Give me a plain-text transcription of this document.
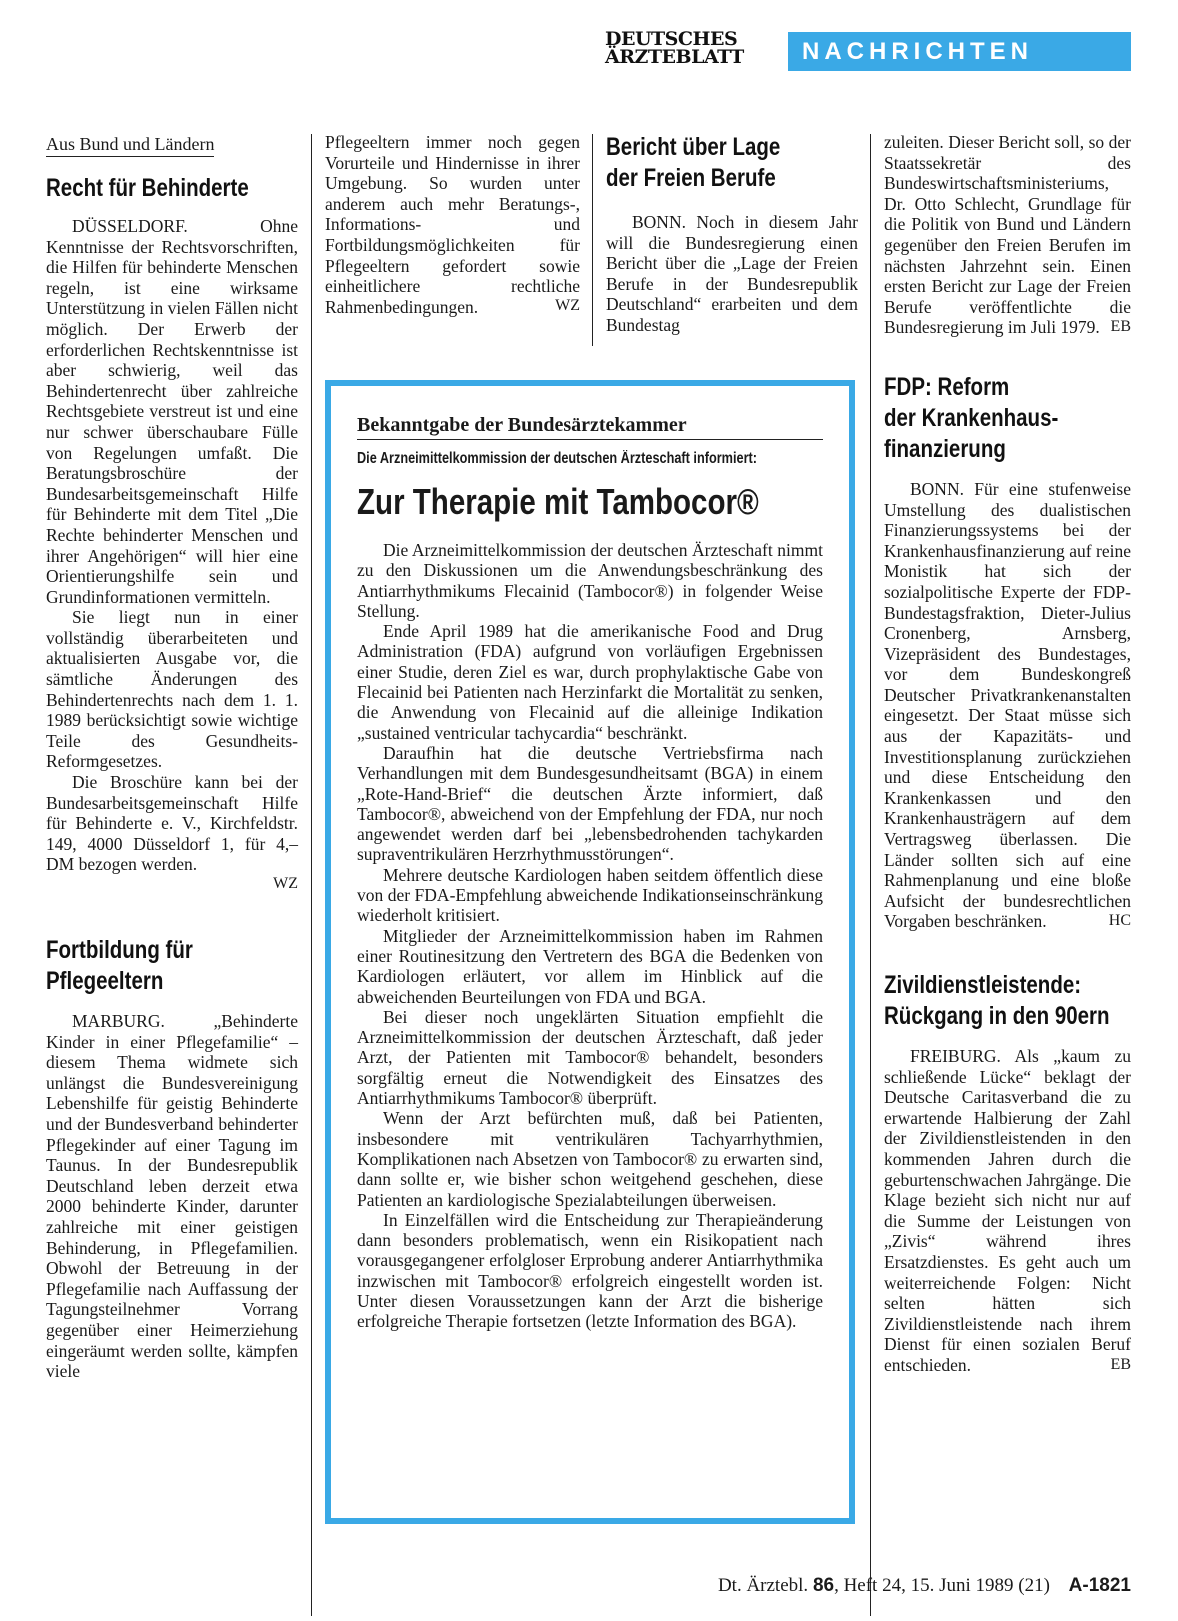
DEUTSCHES
ÄRZTEBLATT	NACHRICHTEN
Aus Bund und Ländern
Recht für Behinderte

DÜSSELDORF. Ohne Kenntnisse der Rechtsvorschriften, die Hilfen für behinderte Menschen regeln, ist eine wirksame Unterstützung in vielen Fällen nicht möglich. Der Erwerb der erforderlichen Rechtskenntnisse ist aber schwierig, weil das Behindertenrecht über zahlreiche Rechtsgebiete verstreut ist und eine nur schwer überschaubare Fülle von Regelungen umfaßt. Die Beratungsbroschüre der Bundesarbeitsgemeinschaft Hilfe für Behinderte mit dem Titel „Die Rechte behinderter Menschen und ihrer Angehörigen“ will hier eine Orientierungshilfe sein und Grundinformationen vermitteln.

Sie liegt nun in einer vollständig überarbeiteten und aktualisierten Ausgabe vor, die sämtliche Änderungen des Behindertenrechts nach dem 1. 1. 1989 berücksichtigt sowie wichtige Teile des Gesundheits-Reformgesetzes.

Die Broschüre kann bei der Bundesarbeitsgemeinschaft Hilfe für Behinderte e. V., Kirchfeldstr. 149, 4000 Düsseldorf 1, für 4,– DM bezogen werden.

WZ
Fortbildung für
Pflegeeltern

MARBURG. „Behinderte Kinder in einer Pflegefamilie“ – diesem Thema widmete sich unlängst die Bundesvereinigung Lebenshilfe für geistig Behinderte und der Bundesverband behinderter Pflegekinder auf einer Tagung im Taunus. In der Bundesrepublik Deutschland leben derzeit etwa 2000 behinderte Kinder, darunter zahlreiche mit einer geistigen Behinderung, in Pflegefamilien. Obwohl der Betreuung in der Pflegefamilie nach Auffassung der Tagungsteilnehmer Vorrang gegenüber einer Heimerziehung eingeräumt werden sollte, kämpfen viele

Pflegeeltern immer noch gegen Vorurteile und Hindernisse in ihrer Umgebung. So wurden unter anderem auch mehr Beratungs-, Informations- und Fortbildungsmöglichkeiten für Pflegeeltern gefordert sowie einheitlichere rechtliche Rahmenbedingungen.	WZ
Bericht über Lage
der Freien Berufe

BONN. Noch in diesem Jahr will die Bundesregierung einen Bericht über die „Lage der Freien Berufe in der Bundesrepublik Deutschland“ erarbeiten und dem Bundestag

zuleiten. Dieser Bericht soll, so der Staatssekretär des Bundeswirtschaftsministeriums, Dr. Otto Schlecht, Grundlage für die Politik von Bund und Ländern gegenüber den Freien Berufen im nächsten Jahrzehnt sein. Einen ersten Bericht zur Lage der Freien Berufe veröffentlichte die Bundesregierung im Juli 1979. EB
FDP: Reform
der Krankenhaus-
finanzierung

BONN. Für eine stufenweise Umstellung des dualistischen Finanzierungssystems bei der Krankenhausfinanzierung auf reine Monistik hat sich der sozialpolitische Experte der FDP-Bundestagsfraktion, Dieter-Julius Cronenberg, Arnsberg, Vizepräsident des Bundestages, vor dem Bundeskongreß Deutscher Privatkrankenanstalten eingesetzt. Der Staat müsse sich aus der Kapazitäts- und Investitionsplanung zurückziehen und diese Entscheidung den Krankenkassen und den Krankenhausträgern auf dem Vertragsweg überlassen. Die Länder sollten sich auf eine Rahmenplanung und eine bloße Aufsicht der bundesrechtlichen Vorgaben beschränken.	HC
Zivildienstleistende:
Rückgang in den 90ern

FREIBURG. Als „kaum zu schließende Lücke“ beklagt der Deutsche Caritasverband die zu erwartende Halbierung der Zahl der Zivildienstleistenden in den kommenden Jahren durch die geburtenschwachen Jahrgänge. Die Klage bezieht sich nicht nur auf die Summe der Leistungen von „Zivis“ während ihres Ersatzdienstes. Es geht auch um weiterreichende Folgen: Nicht selten hätten sich Zivildienstleistende nach ihrem Dienst für einen sozialen Beruf entschieden.	EB
Bekanntgabe der Bundesärztekammer
Die Arzneimittelkommission der deutschen Ärzteschaft informiert:
Zur Therapie mit Tambocor®

Die Arzneimittelkommission der deutschen Ärzteschaft nimmt zu den Diskussionen um die Anwendungsbeschränkung des Antiarrhythmikums Flecainid (Tambocor®) in folgender Weise Stellung.

Ende April 1989 hat die amerikanische Food and Drug Administration (FDA) aufgrund von vorläufigen Ergebnissen einer Studie, deren Ziel es war, durch prophylaktische Gabe von Flecainid bei Patienten nach Herzinfarkt die Mortalität zu senken, die Anwendung von Flecainid auf die alleinige Indikation „sustained ventricular tachycardia“ beschränkt.

Daraufhin hat die deutsche Vertriebsfirma nach Verhandlungen mit dem Bundesgesundheitsamt (BGA) in einem „Rote-Hand-Brief“ die deutschen Ärzte informiert, daß Tambocor®, abweichend von der Empfehlung der FDA, nur noch angewendet werden darf bei „lebensbedrohenden tachykarden supraventrikulären Herzrhythmusstörungen“.

Mehrere deutsche Kardiologen haben seitdem öffentlich diese von der FDA-Empfehlung abweichende Indikationseinschränkung wiederholt kritisiert.

Mitglieder der Arzneimittelkommission haben im Rahmen einer Routinesitzung den Vertretern des BGA die Bedenken von Kardiologen erläutert, vor allem im Hinblick auf die abweichenden Beurteilungen von FDA und BGA.

Bei dieser noch ungeklärten Situation empfiehlt die Arzneimittelkommission der deutschen Ärzteschaft, daß jeder Arzt, der Patienten mit Tambocor® behandelt, besonders sorgfältig erneut die Notwendigkeit des Einsatzes des Antiarrhythmikums Tambocor® überprüft.

Wenn der Arzt befürchten muß, daß bei Patienten, insbesondere mit ventrikulären Tachyarrhythmien, Komplikationen nach Absetzen von Tambocor® zu erwarten sind, dann sollte er, wie bisher schon weitgehend geschehen, diese Patienten an kardiologische Spezialabteilungen überweisen.

In Einzelfällen wird die Entscheidung zur Therapieänderung dann besonders problematisch, wenn ein Risikopatient nach vorausgegangener erfolgloser Erprobung anderer Antiarrhythmika inzwischen mit Tambocor® erfolgreich eingestellt worden ist. Unter diesen Voraussetzungen kann der Arzt die bisherige erfolgreiche Therapie fortsetzen (letzte Information des BGA).

Dt. Ärztebl. 86, Heft 24, 15. Juni 1989 (21) A-1821
